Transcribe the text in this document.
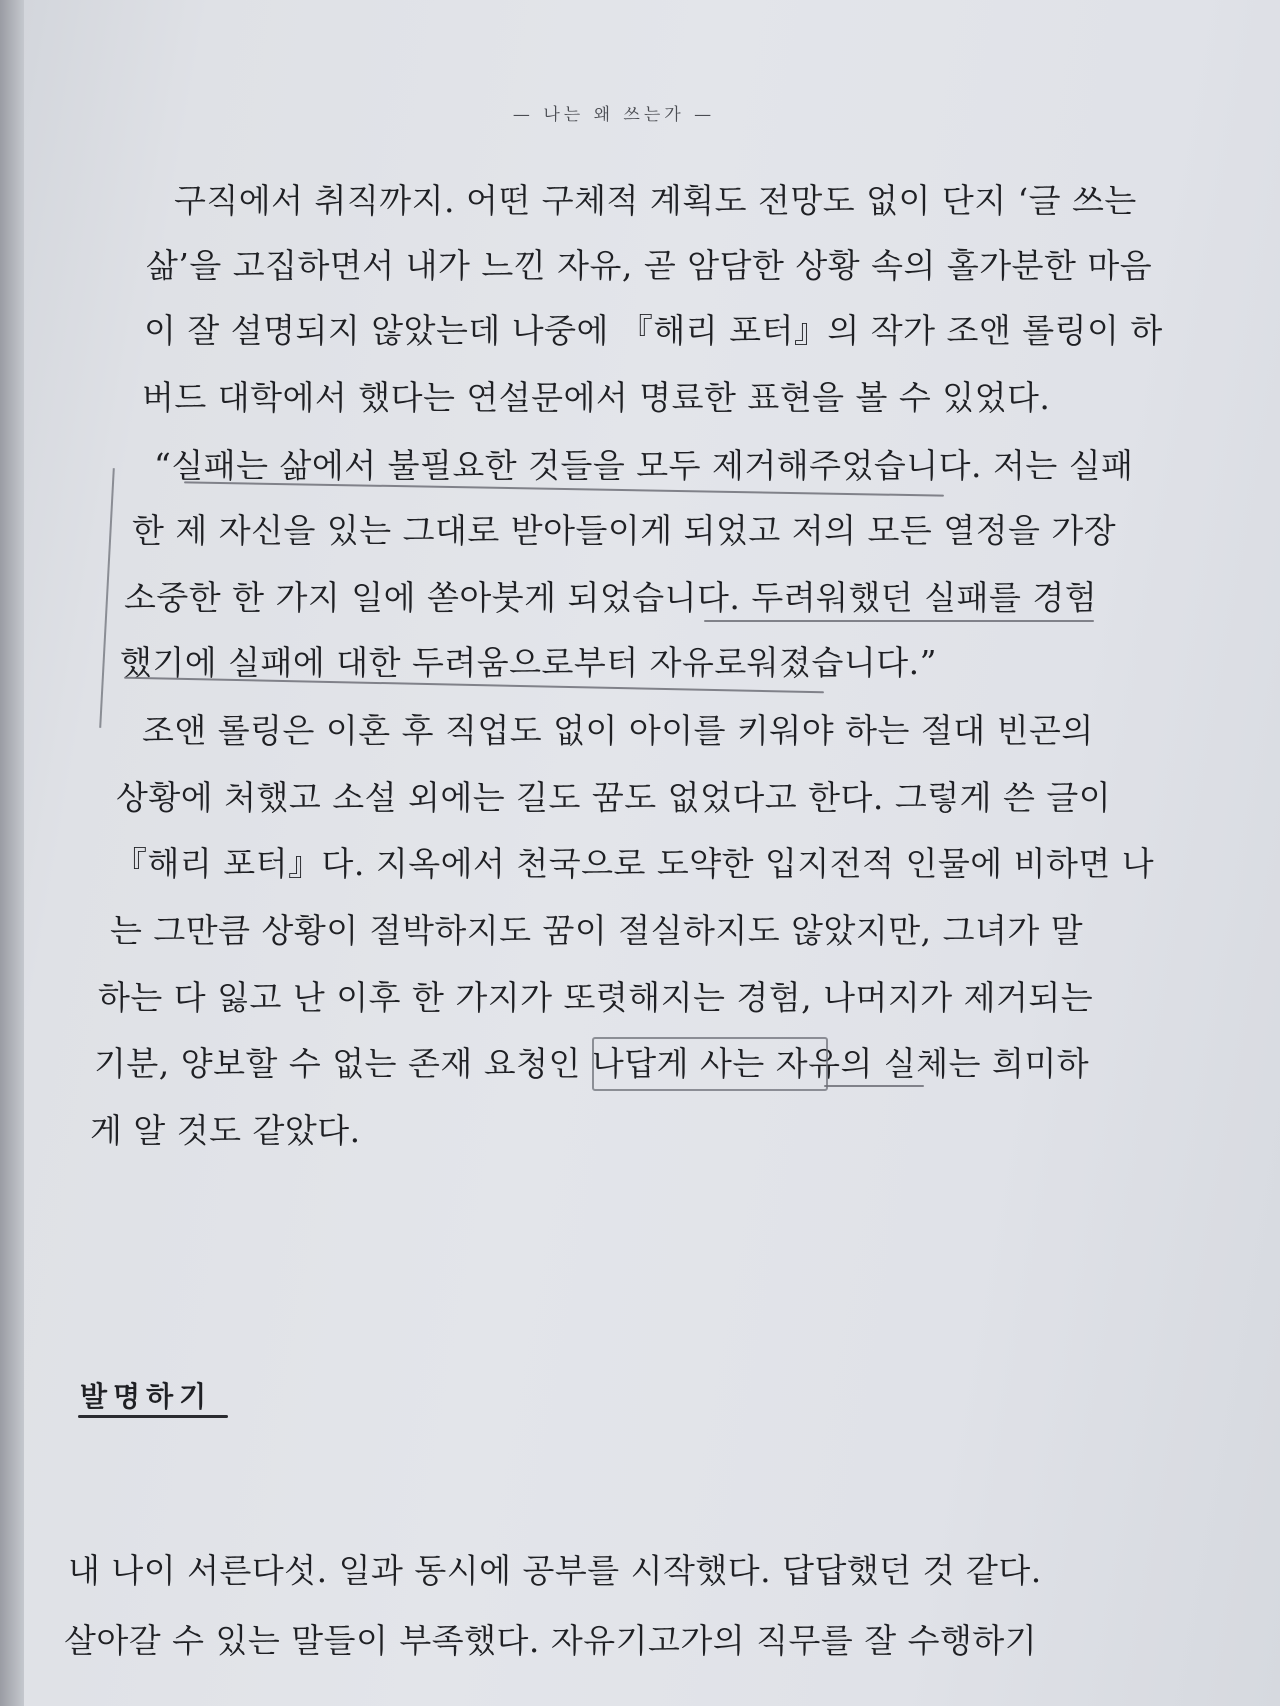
— 나는 왜 쓰는가 —
구직에서 취직까지. 어떤 구체적 계획도 전망도 없이 단지 ‘글 쓰는
삶’을 고집하면서 내가 느낀 자유, 곧 암담한 상황 속의 홀가분한 마음
이 잘 설명되지 않았는데 나중에 『해리 포터』의 작가 조앤 롤링이 하
버드 대학에서 했다는 연설문에서 명료한 표현을 볼 수 있었다.
“실패는 삶에서 불필요한 것들을 모두 제거해주었습니다. 저는 실패
한 제 자신을 있는 그대로 받아들이게 되었고 저의 모든 열정을 가장
소중한 한 가지 일에 쏟아붓게 되었습니다. 두려워했던 실패를 경험
했기에 실패에 대한 두려움으로부터 자유로워졌습니다.”
조앤 롤링은 이혼 후 직업도 없이 아이를 키워야 하는 절대 빈곤의
상황에 처했고 소설 외에는 길도 꿈도 없었다고 한다. 그렇게 쓴 글이
『해리 포터』다. 지옥에서 천국으로 도약한 입지전적 인물에 비하면 나
는 그만큼 상황이 절박하지도 꿈이 절실하지도 않았지만, 그녀가 말
하는 다 잃고 난 이후 한 가지가 또렷해지는 경험, 나머지가 제거되는
기분, 양보할 수 없는 존재 요청인 나답게 사는 자유의 실체는 희미하
게 알 것도 같았다.
발명하기
내 나이 서른다섯. 일과 동시에 공부를 시작했다. 답답했던 것 같다.
살아갈 수 있는 말들이 부족했다. 자유기고가의 직무를 잘 수행하기
